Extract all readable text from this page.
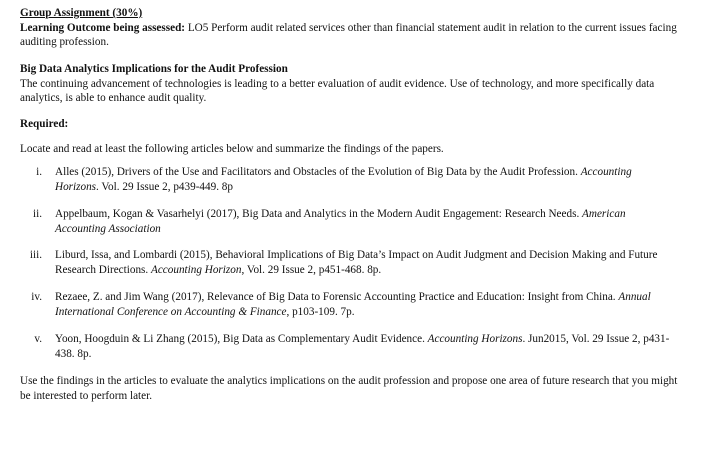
Group Assignment (30%)
Learning Outcome being assessed: LO5 Perform audit related services other than financial statement audit in relation to the current issues facing auditing profession.

Big Data Analytics Implications for the Audit Profession
The continuing advancement of technologies is leading to a better evaluation of audit evidence. Use of technology, and more specifically data analytics, is able to enhance audit quality.

Required:

Locate and read at least the following articles below and summarize the findings of the papers.

i. Alles (2015), Drivers of the Use and Facilitators and Obstacles of the Evolution of Big Data by the Audit Profession. Accounting Horizons. Vol. 29 Issue 2, p439-449. 8p
ii. Appelbaum, Kogan & Vasarhelyi (2017), Big Data and Analytics in the Modern Audit Engagement: Research Needs. American Accounting Association
iii. Liburd, Issa, and Lombardi (2015), Behavioral Implications of Big Data’s Impact on Audit Judgment and Decision Making and Future Research Directions. Accounting Horizon, Vol. 29 Issue 2, p451-468. 8p.
iv. Rezaee, Z. and Jim Wang (2017), Relevance of Big Data to Forensic Accounting Practice and Education: Insight from China. Annual International Conference on Accounting & Finance, p103-109. 7p.
v. Yoon, Hoogduin & Li Zhang (2015), Big Data as Complementary Audit Evidence. Accounting Horizons. Jun2015, Vol. 29 Issue 2, p431-438. 8p.

Use the findings in the articles to evaluate the analytics implications on the audit profession and propose one area of future research that you might be interested to perform later.
